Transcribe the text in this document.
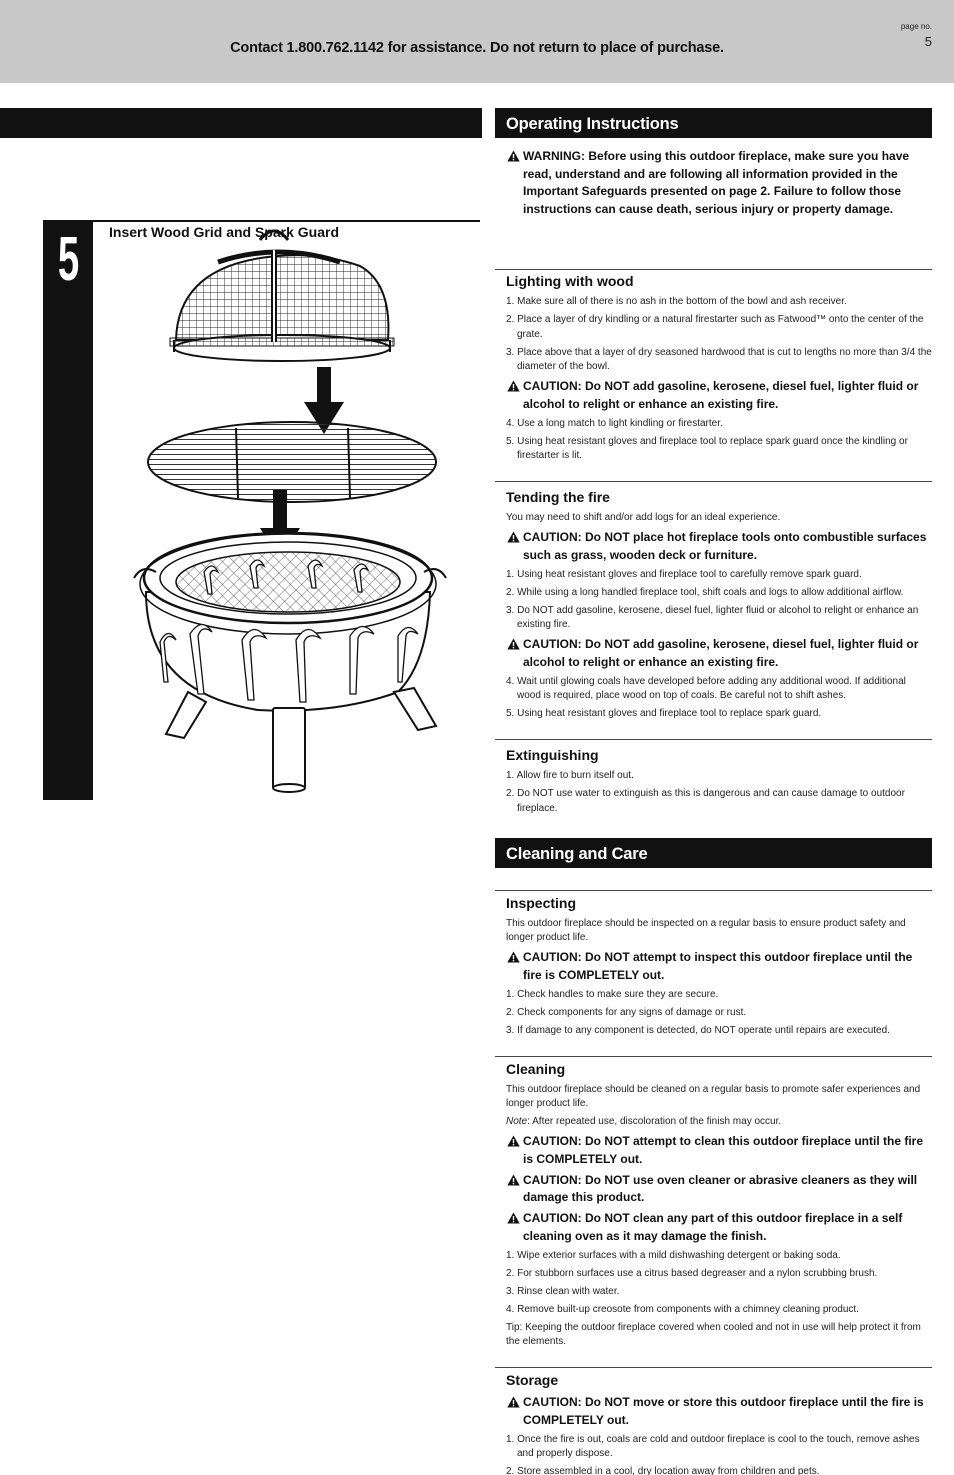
Contact 1.800.762.1142 for assistance. Do not return to place of purchase.
page no.
5
5	Insert Wood Grid and Spark Guard
Operating Instructions
WARNING: Before using this outdoor fireplace, make sure you have read, understand and are following all information provided in the Important Safeguards presented on page 2. Failure to follow those instructions can cause death, serious injury or property damage.
Lighting with wood
1. Make sure all of there is no ash in the bottom of the bowl and ash receiver.
2. Place a layer of dry kindling or a natural firestarter such as Fatwood™ onto the center of the grate.
3. Place above that a layer of dry seasoned hardwood that is cut to lengths no more than 3/4 the diameter of the bowl.
CAUTION: Do NOT add gasoline, kerosene, diesel fuel, lighter fluid or alcohol to relight or enhance an existing fire.
4. Use a long match to light kindling or firestarter.
5. Using heat resistant gloves and fireplace tool to replace spark guard once the kindling or firestarter is lit.
Tending the fire
You may need to shift and/or add logs for an ideal experience.
CAUTION: Do NOT place hot fireplace tools onto combustible surfaces such as grass, wooden deck or furniture.
1. Using heat resistant gloves and fireplace tool to carefully remove spark guard.
2. While using a long handled fireplace tool, shift coals and logs to allow additional airflow.
3. Do NOT add gasoline, kerosene, diesel fuel, lighter fluid or alcohol to relight or enhance an existing fire.
CAUTION: Do NOT add gasoline, kerosene, diesel fuel, lighter fluid or alcohol to relight or enhance an existing fire.
4. Wait until glowing coals have developed before adding any additional wood. If additional wood is required, place wood on top of coals. Be careful not to shift ashes.
5. Using heat resistant gloves and fireplace tool to replace spark guard.
Extinguishing
1. Allow fire to burn itself out.
2. Do NOT use water to extinguish as this is dangerous and can cause damage to outdoor fireplace.
Cleaning and Care
Inspecting
This outdoor fireplace should be inspected on a regular basis to ensure product safety and longer product life.
CAUTION: Do NOT attempt to inspect this outdoor fireplace until the fire is COMPLETELY out.
1. Check handles to make sure they are secure.
2. Check components for any signs of damage or rust.
3. If damage to any component is detected, do NOT operate until repairs are executed.
Cleaning
This outdoor fireplace should be cleaned on a regular basis to promote safer experiences and longer product life.
Note: After repeated use, discoloration of the finish may occur.
CAUTION: Do NOT attempt to clean this outdoor fireplace until the fire is COMPLETELY out.
CAUTION: Do NOT use oven cleaner or abrasive cleaners as they will damage this product.
CAUTION: Do NOT clean any part of this outdoor fireplace in a self cleaning oven as it may damage the finish.
1. Wipe exterior surfaces with a mild dishwashing detergent or baking soda.
2. For stubborn surfaces use a citrus based degreaser and a nylon scrubbing brush.
3. Rinse clean with water.
4. Remove built-up creosote from components with a chimney cleaning product.
Tip: Keeping the outdoor fireplace covered when cooled and not in use will help protect it from the elements.
Storage
CAUTION: Do NOT move or store this outdoor fireplace until the fire is COMPLETELY out.
1. Once the fire is out, coals are cold and outdoor fireplace is cool to the touch, remove ashes and properly dispose.
2. Store assembled in a cool, dry location away from children and pets.
